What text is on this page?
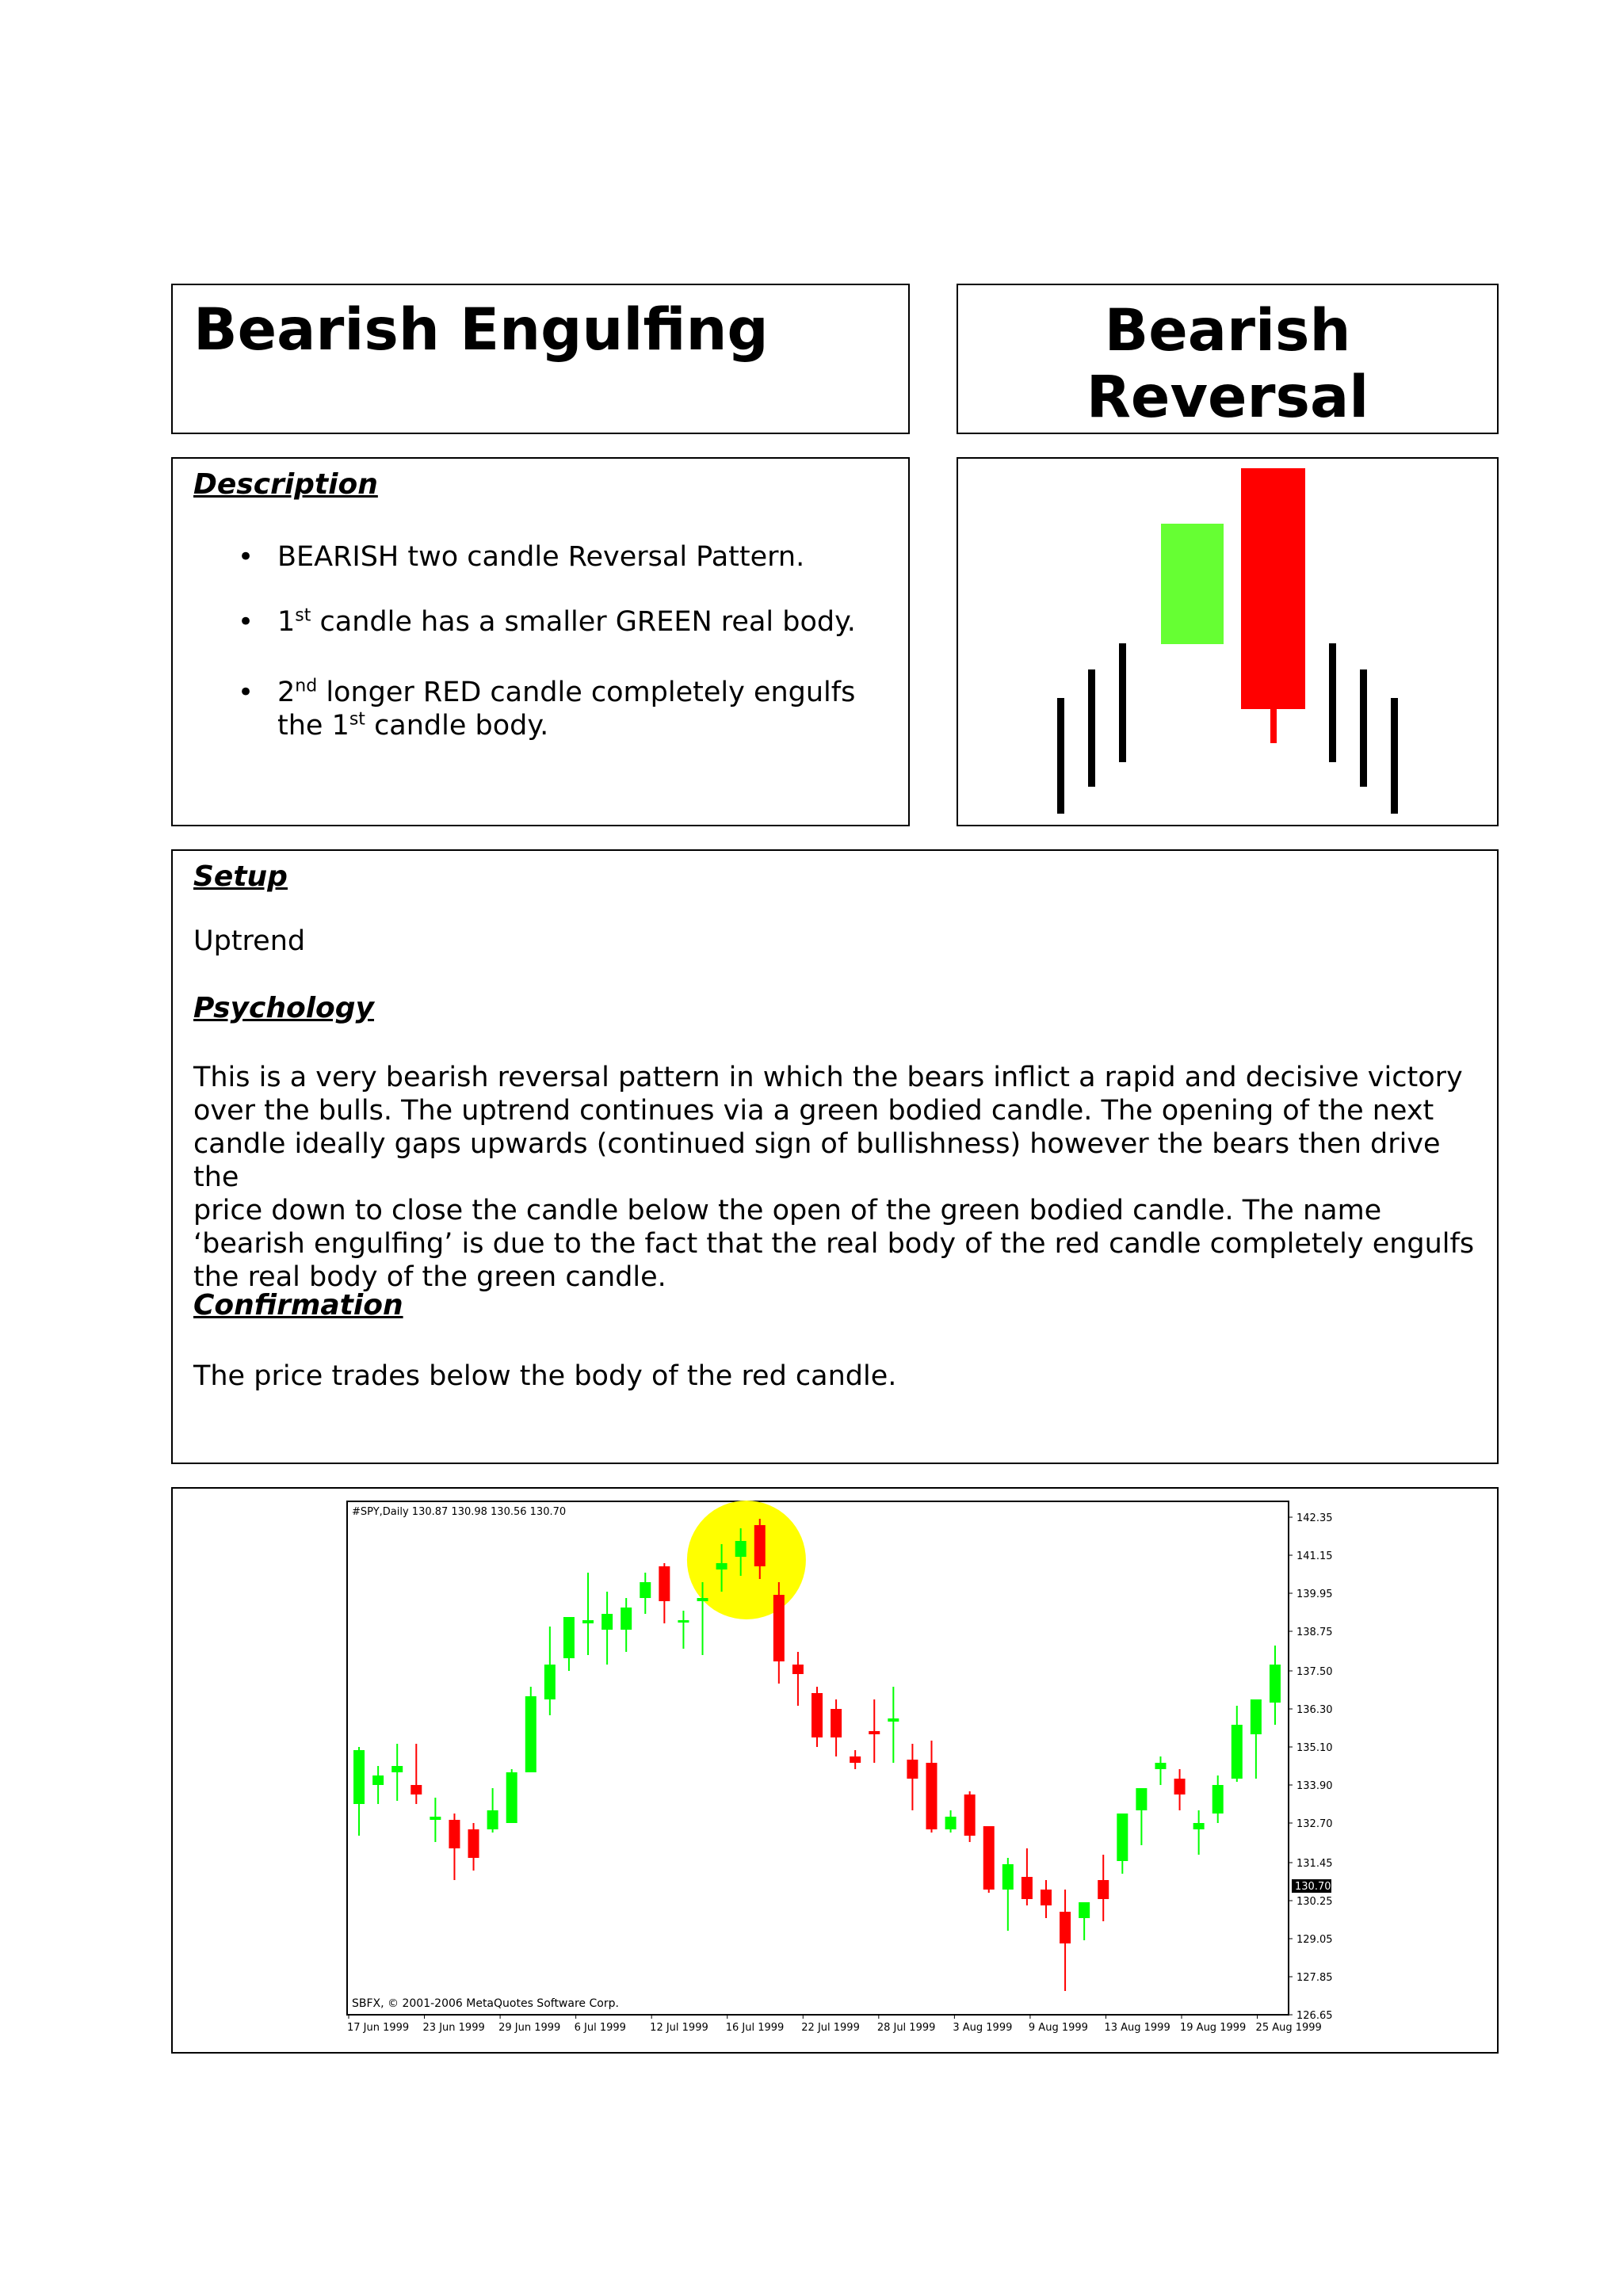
Bearish Engulfing	Bearish
Reversal
Description
• BEARISH two candle Reversal Pattern.
• 1st candle has a smaller GREEN real body.
• 2nd longer RED candle completely engulfs
the 1st candle body.
Setup
Uptrend
Psychology
This is a very bearish reversal pattern in which the bears inflict a rapid and decisive victory
over the bulls. The uptrend continues via a green bodied candle. The opening of the next
candle ideally gaps upwards (continued sign of bullishness) however the bears then drive the
price down to close the candle below the open of the green bodied candle. The name
‘bearish engulfing’ is due to the fact that the real body of the red candle completely engulfs
the real body of the green candle.
Confirmation
The price trades below the body of the red candle.
142.35
141.15
139.95
138.75
137.50
136.30
135.10
133.90
132.70
131.45
130.25
129.05
127.85
126.65
130.70
17 Jun 1999 23 Jun 1999 29 Jun 1999 6 Jul 1999 12 Jul 1999 16 Jul 1999 22 Jul 1999 28 Jul 1999 3 Aug 1999 9 Aug 1999 13 Aug 1999 19 Aug 1999 25 Aug 1999
#SPY,Daily 130.87 130.98 130.56 130.70
SBFX, © 2001-2006 MetaQuotes Software Corp.
